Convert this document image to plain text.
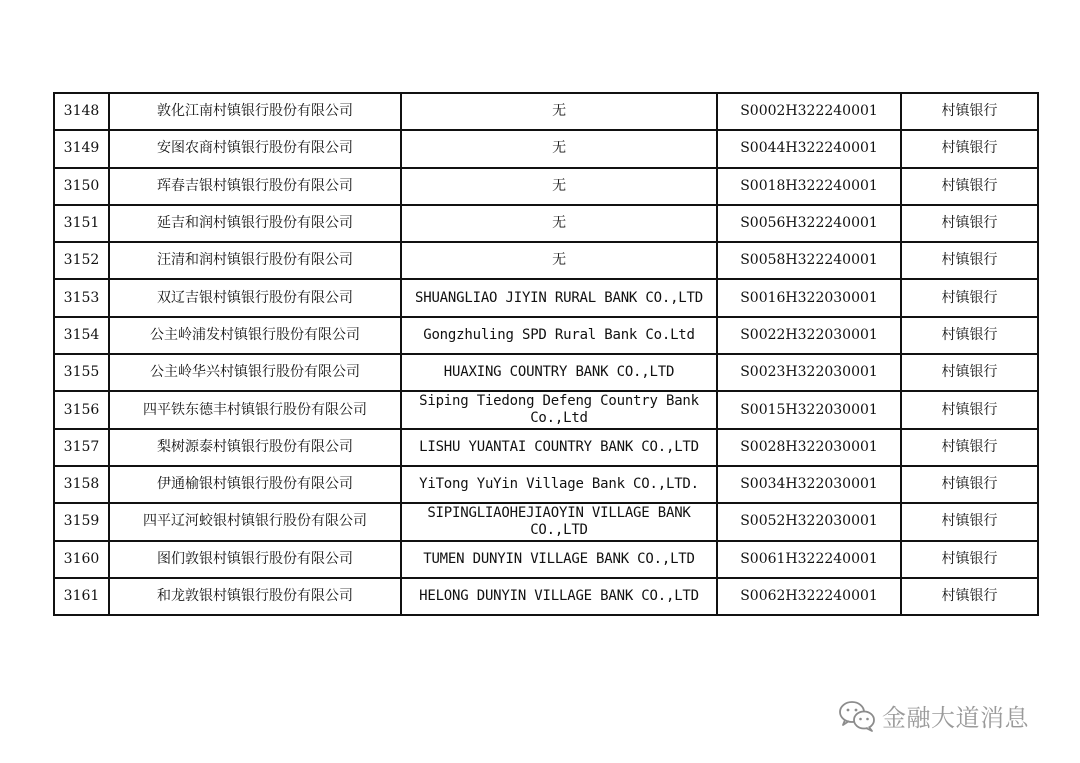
3148	敦化江南村镇银行股份有限公司	无	S0002H322240001	村镇银行
3149	安图农商村镇银行股份有限公司	无	S0044H322240001	村镇银行
3150	珲春吉银村镇银行股份有限公司	无	S0018H322240001	村镇银行
3151	延吉和润村镇银行股份有限公司	无	S0056H322240001	村镇银行
3152	汪清和润村镇银行股份有限公司	无	S0058H322240001	村镇银行
3153	双辽吉银村镇银行股份有限公司	SHUANGLIAO JIYIN RURAL BANK CO.,LTD	S0016H322030001	村镇银行
3154	公主岭浦发村镇银行股份有限公司	Gongzhuling SPD Rural Bank Co.Ltd	S0022H322030001	村镇银行
3155	公主岭华兴村镇银行股份有限公司	HUAXING COUNTRY BANK CO.,LTD	S0023H322030001	村镇银行
3156	四平铁东德丰村镇银行股份有限公司	Siping Tiedong Defeng Country Bank Co.,Ltd	S0015H322030001	村镇银行
3157	梨树源泰村镇银行股份有限公司	LISHU YUANTAI COUNTRY BANK CO.,LTD	S0028H322030001	村镇银行
3158	伊通榆银村镇银行股份有限公司	YiTong YuYin Village Bank CO.,LTD.	S0034H322030001	村镇银行
3159	四平辽河蛟银村镇银行股份有限公司	SIPINGLIAOHEJIAOYIN VILLAGE BANK CO.,LTD	S0052H322030001	村镇银行
3160	图们敦银村镇银行股份有限公司	TUMEN DUNYIN VILLAGE BANK CO.,LTD	S0061H322240001	村镇银行
3161	和龙敦银村镇银行股份有限公司	HELONG DUNYIN VILLAGE BANK CO.,LTD	S0062H322240001	村镇银行
金融大道消息
